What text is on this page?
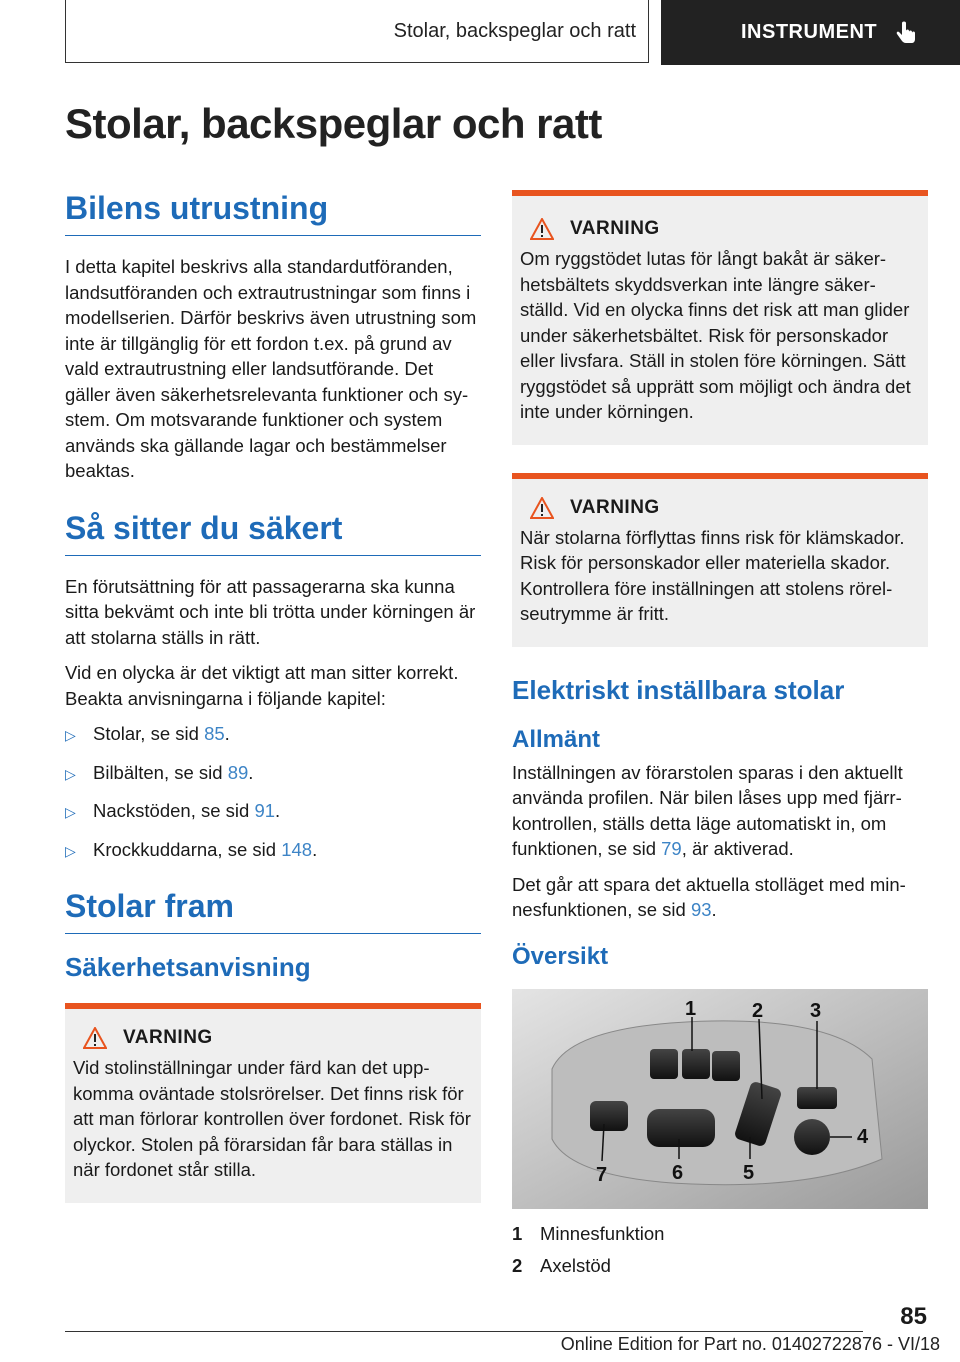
Stolar, backspeglar och ratt	INSTRUMENT
Stolar, backspeglar och ratt
Bilens utrustning

I detta kapitel beskrivs alla standardutföranden, landsutföranden och extrautrustningar som finns i modellserien. Därför beskrivs även utrustning som inte är tillgänglig för ett fordon t.ex. på grund av vald extrautrustning eller landsutförande. Det gäller även säkerhetsrelevanta funktioner och sy-stem. Om motsvarande funktioner och system används ska gällande lagar och bestämmelser beaktas.

Så sitter du säkert

En förutsättning för att passagerarna ska kunna sitta bekvämt och inte bli trötta under körningen är att stolarna ställs in rätt.

Vid en olycka är det viktigt att man sitter korrekt. Beakta anvisningarna i följande kapitel:

▷ Stolar, se sid 85.
▷ Bilbälten, se sid 89.
▷ Nackstöden, se sid 91.
▷ Krockkuddarna, se sid 148.
Stolar fram
Säkerhetsanvisning
VARNING

Vid stolinställningar under färd kan det upp-komma oväntade stolsrörelser. Det finns risk för att man förlorar kontrollen över fordonet. Risk för olyckor. Stolen på förarsidan får bara ställas in när fordonet står stilla.

VARNING

Om ryggstödet lutas för långt bakåt är säker-hetsbältets skyddsverkan inte längre säker-ställd. Vid en olycka finns det risk att man glider under säkerhetsbältet. Risk för personskador eller livsfara. Ställ in stolen före körningen. Sätt ryggstödet så upprätt som möjligt och ändra det inte under körningen.

VARNING

När stolarna förflyttas finns risk för klämskador. Risk för personskador eller materiella skador. Kontrollera före inställningen att stolens rörel-seutrymme är fritt.

Elektriskt inställbara stolar
Allmänt

Inställningen av förarstolen sparas i den aktuellt använda profilen. När bilen låses upp med fjärr-kontrollen, ställs detta läge automatiskt in, om funktionen, se sid 79, är aktiverad.

Det går att spara det aktuella stolläget med min-nesfunktionen, se sid 93.

Översikt
1	2 3
4
5
6
7
1 Minnesfunktion
2 Axelstöd
85
Online Edition for Part no. 01402722876 - VI/18
